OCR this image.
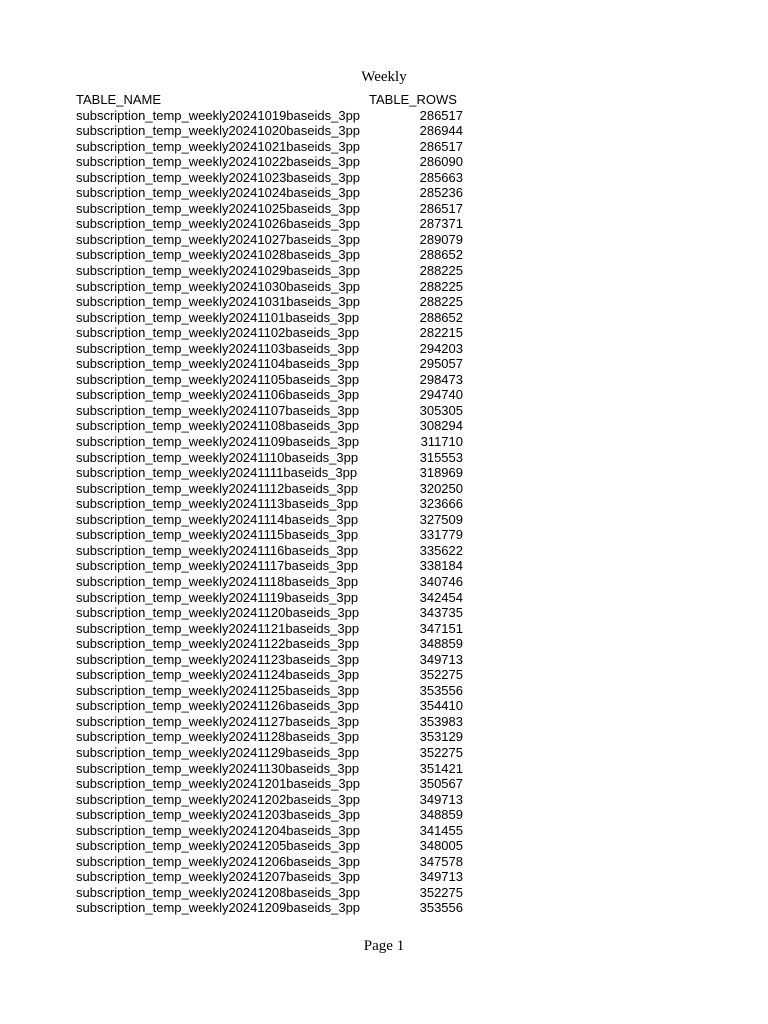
Weekly
TABLE_NAME	TABLE_ROWS
subscription_temp_weekly20241019baseids_3pp	286517
subscription_temp_weekly20241020baseids_3pp	286944
subscription_temp_weekly20241021baseids_3pp	286517
subscription_temp_weekly20241022baseids_3pp	286090
subscription_temp_weekly20241023baseids_3pp	285663
subscription_temp_weekly20241024baseids_3pp	285236
subscription_temp_weekly20241025baseids_3pp	286517
subscription_temp_weekly20241026baseids_3pp	287371
subscription_temp_weekly20241027baseids_3pp	289079
subscription_temp_weekly20241028baseids_3pp	288652
subscription_temp_weekly20241029baseids_3pp	288225
subscription_temp_weekly20241030baseids_3pp	288225
subscription_temp_weekly20241031baseids_3pp	288225
subscription_temp_weekly20241101baseids_3pp	288652
subscription_temp_weekly20241102baseids_3pp	282215
subscription_temp_weekly20241103baseids_3pp	294203
subscription_temp_weekly20241104baseids_3pp	295057
subscription_temp_weekly20241105baseids_3pp	298473
subscription_temp_weekly20241106baseids_3pp	294740
subscription_temp_weekly20241107baseids_3pp	305305
subscription_temp_weekly20241108baseids_3pp	308294
subscription_temp_weekly20241109baseids_3pp	311710
subscription_temp_weekly20241110baseids_3pp	315553
subscription_temp_weekly20241111baseids_3pp	318969
subscription_temp_weekly20241112baseids_3pp	320250
subscription_temp_weekly20241113baseids_3pp	323666
subscription_temp_weekly20241114baseids_3pp	327509
subscription_temp_weekly20241115baseids_3pp	331779
subscription_temp_weekly20241116baseids_3pp	335622
subscription_temp_weekly20241117baseids_3pp	338184
subscription_temp_weekly20241118baseids_3pp	340746
subscription_temp_weekly20241119baseids_3pp	342454
subscription_temp_weekly20241120baseids_3pp	343735
subscription_temp_weekly20241121baseids_3pp	347151
subscription_temp_weekly20241122baseids_3pp	348859
subscription_temp_weekly20241123baseids_3pp	349713
subscription_temp_weekly20241124baseids_3pp	352275
subscription_temp_weekly20241125baseids_3pp	353556
subscription_temp_weekly20241126baseids_3pp	354410
subscription_temp_weekly20241127baseids_3pp	353983
subscription_temp_weekly20241128baseids_3pp	353129
subscription_temp_weekly20241129baseids_3pp	352275
subscription_temp_weekly20241130baseids_3pp	351421
subscription_temp_weekly20241201baseids_3pp	350567
subscription_temp_weekly20241202baseids_3pp	349713
subscription_temp_weekly20241203baseids_3pp	348859
subscription_temp_weekly20241204baseids_3pp	341455
subscription_temp_weekly20241205baseids_3pp	348005
subscription_temp_weekly20241206baseids_3pp	347578
subscription_temp_weekly20241207baseids_3pp	349713
subscription_temp_weekly20241208baseids_3pp	352275
subscription_temp_weekly20241209baseids_3pp	353556
Page 1
